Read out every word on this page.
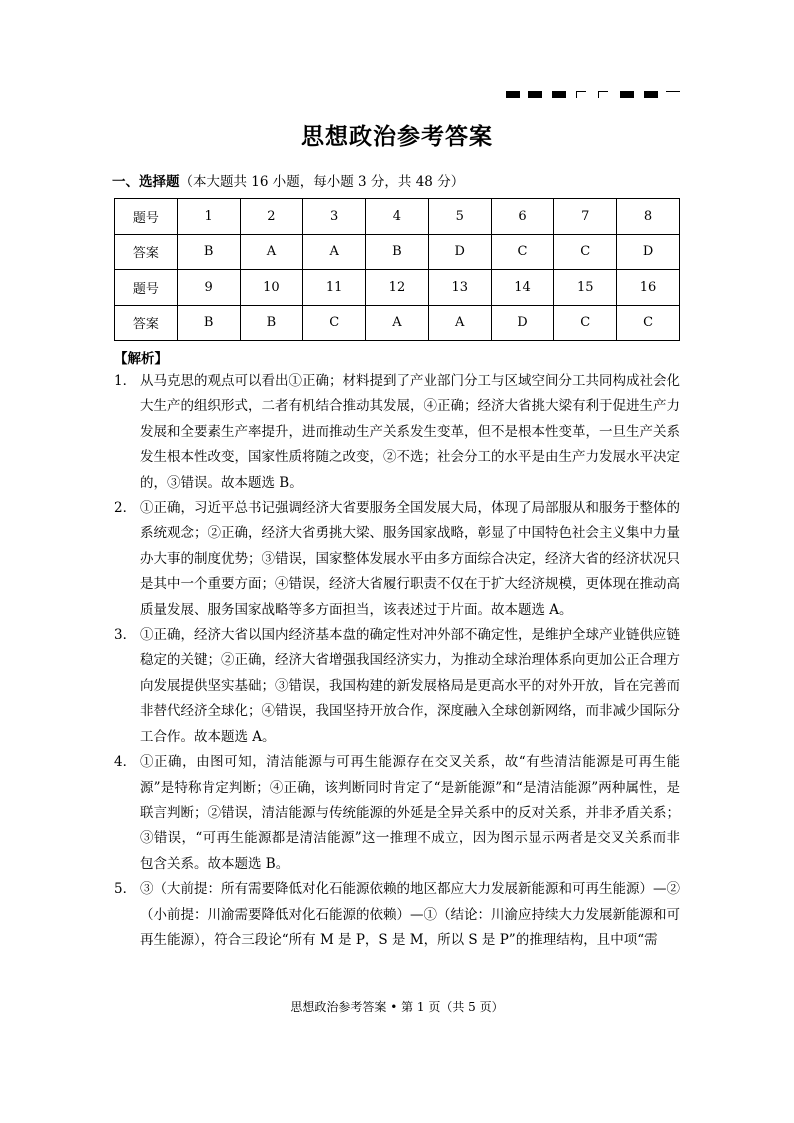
思想政治参考答案
一、选择题（本大题共 16 小题，每小题 3 分，共 48 分）
题号	1	2	3	4	5	6	7	8
答案	B	A	A	B	D	C	C	D
题号	9	10	11	12	13	14	15	16
答案	B	B	C	A	A	D	C	C
【解析】

1． 从马克思的观点可以看出①正确；材料提到了产业部门分工与区域空间分工共同构成社会化大生产的组织形式，二者有机结合推动其发展，④正确；经济大省挑大梁有利于促进生产力发展和全要素生产率提升，进而推动生产关系发生变革，但不是根本性变革，一旦生产关系发生根本性改变，国家性质将随之改变，②不选；社会分工的水平是由生产力发展水平决定的，③错误。故本题选 B。

2． ①正确，习近平总书记强调经济大省要服务全国发展大局，体现了局部服从和服务于整体的系统观念；②正确，经济大省勇挑大梁、服务国家战略，彰显了中国特色社会主义集中力量办大事的制度优势；③错误，国家整体发展水平由多方面综合决定，经济大省的经济状况只是其中一个重要方面；④错误，经济大省履行职责不仅在于扩大经济规模，更体现在推动高质量发展、服务国家战略等多方面担当，该表述过于片面。故本题选 A。

3． ①正确，经济大省以国内经济基本盘的确定性对冲外部不确定性，是维护全球产业链供应链稳定的关键；②正确，经济大省增强我国经济实力，为推动全球治理体系向更加公正合理方向发展提供坚实基础；③错误，我国构建的新发展格局是更高水平的对外开放，旨在完善而非替代经济全球化；④错误，我国坚持开放合作，深度融入全球创新网络，而非减少国际分工合作。故本题选 A。

4． ①正确，由图可知，清洁能源与可再生能源存在交叉关系，故“有些清洁能源是可再生能源”是特称肯定判断；④正确，该判断同时肯定了“是新能源”和“是清洁能源”两种属性，是联言判断；②错误，清洁能源与传统能源的外延是全异关系中的反对关系，并非矛盾关系；③错误，“可再生能源都是清洁能源”这一推理不成立，因为图示显示两者是交叉关系而非包含关系。故本题选 B。

5． ③（大前提：所有需要降低对化石能源依赖的地区都应大力发展新能源和可再生能源）—②（小前提：川渝需要降低对化石能源的依赖）—①（结论：川渝应持续大力发展新能源和可再生能源），符合三段论“所有 M 是 P，S 是 M，所以 S 是 P”的推理结构，且中项“需

思想政治参考答案 • 第 1 页（共 5 页）
